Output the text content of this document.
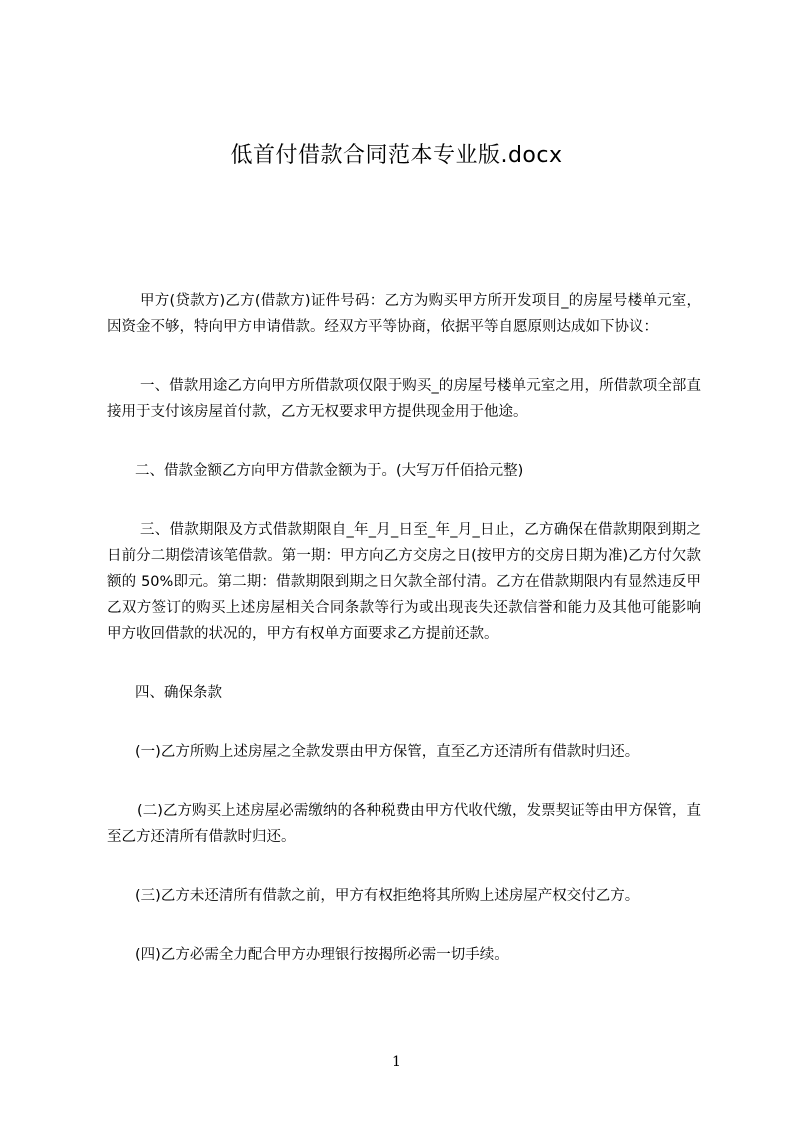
低首付借款合同范本专业版.docx

甲方(贷款方)乙方(借款方)证件号码：乙方为购买甲方所开发项目_的房屋号楼单元室，因资金不够，特向甲方申请借款。经双方平等协商，依据平等自愿原则达成如下协议：

一、借款用途乙方向甲方所借款项仅限于购买_的房屋号楼单元室之用，所借款项全部直接用于支付该房屋首付款，乙方无权要求甲方提供现金用于他途。

二、借款金额乙方向甲方借款金额为于。(大写万仟佰拾元整)

三、借款期限及方式借款期限自_年_月_日至_年_月_日止，乙方确保在借款期限到期之日前分二期偿清该笔借款。第一期：甲方向乙方交房之日(按甲方的交房日期为准)乙方付欠款额的 50%即元。第二期：借款期限到期之日欠款全部付清。乙方在借款期限内有显然违反甲乙双方签订的购买上述房屋相关合同条款等行为或出现丧失还款信誉和能力及其他可能影响甲方收回借款的状况的，甲方有权单方面要求乙方提前还款。

四、确保条款

(一)乙方所购上述房屋之全款发票由甲方保管，直至乙方还清所有借款时归还。

(二)乙方购买上述房屋必需缴纳的各种税费由甲方代收代缴，发票契证等由甲方保管，直至乙方还清所有借款时归还。

(三)乙方未还清所有借款之前，甲方有权拒绝将其所购上述房屋产权交付乙方。

(四)乙方必需全力配合甲方办理银行按揭所必需一切手续。

1
